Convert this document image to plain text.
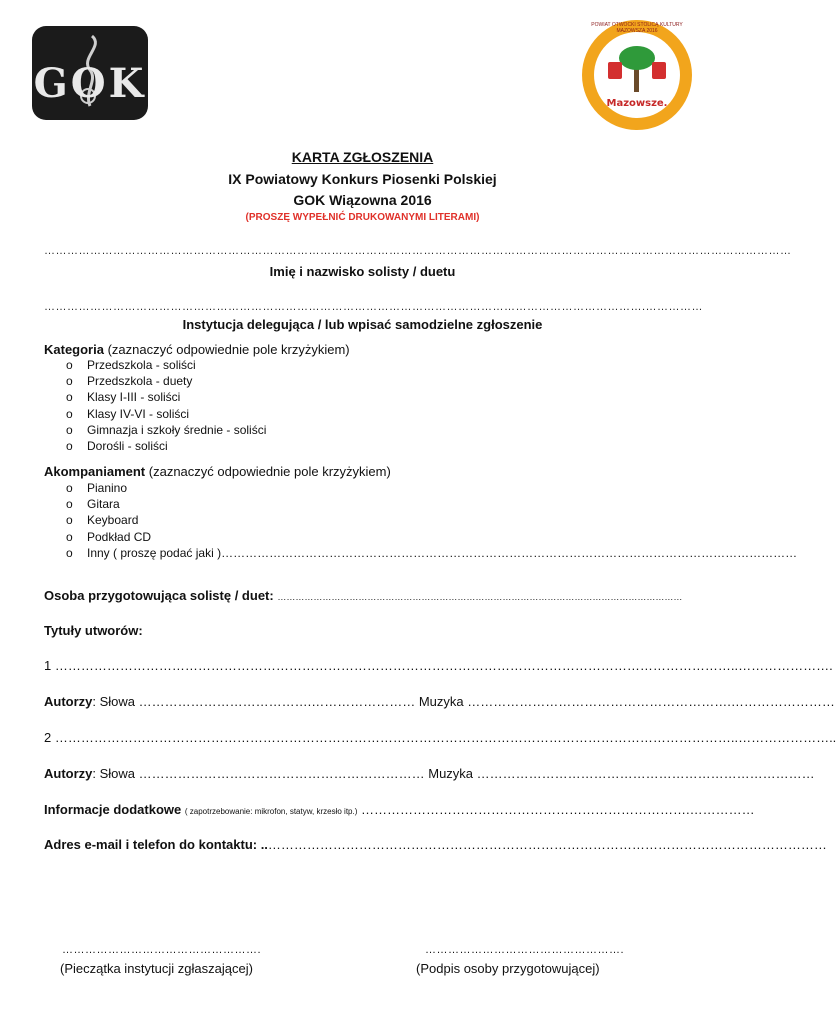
GOK	Mazowsze.
POWIAT OTWOCKI STOLICĄ KULTURY MAZOWSZA 2016
KARTA ZGŁOSZENIA
IX Powiatowy Konkurs Piosenki Polskiej
GOK Wiązowna 2016
(PROSZĘ WYPEŁNIĆ DRUKOWANYMI LITERAMI)
……………………………………………………………………………………………………………………………………………………………………………
Imię i nazwisko solisty / duetu
………………………………………………………………………………………………………………………………………….……………
Instytucja delegująca / lub wpisać samodzielne zgłoszenie
Kategoria (zaznaczyć odpowiednie pole krzyżykiem)
o Przedszkola - soliści
o Przedszkola - duety
o Klasy I-III - soliści
o Klasy IV-VI - soliści
o Gimnazja i szkoły średnie - soliści
o Dorośli - soliści
Akompaniament (zaznaczyć odpowiednie pole krzyżykiem)
o Pianino
o Gitara
o Keyboard
o Podkład CD
o Inny ( proszę podać jaki )………………………………………………………………………………………………………………………………
Osoba przygotowująca solistę / duet: ………………………………………………………………………………………………………………………
Tytuły utworów:
1 …………………………………………………………………………………………………………………………………………..………………….
Autorzy: Słowa ………………………………….…………………… Muzyka …………………………………………………….……………………
2 …………………………………………………………………………………………………………………………………………..…………………..
Autorzy: Słowa ………………………………………………………… Muzyka ……………………………………………………………………
Informacje dodatkowe ( zapotrzebowanie: mikrofon, statyw, krzesło itp.) ………………………………………………………………….……………
Adres e-mail i telefon do kontaktu: ..…………………………………………………………………………………………………………………
…………………………………………….
(Pieczątka instytucji zgłaszającej)
…………………………………………….
(Podpis osoby przygotowującej)
